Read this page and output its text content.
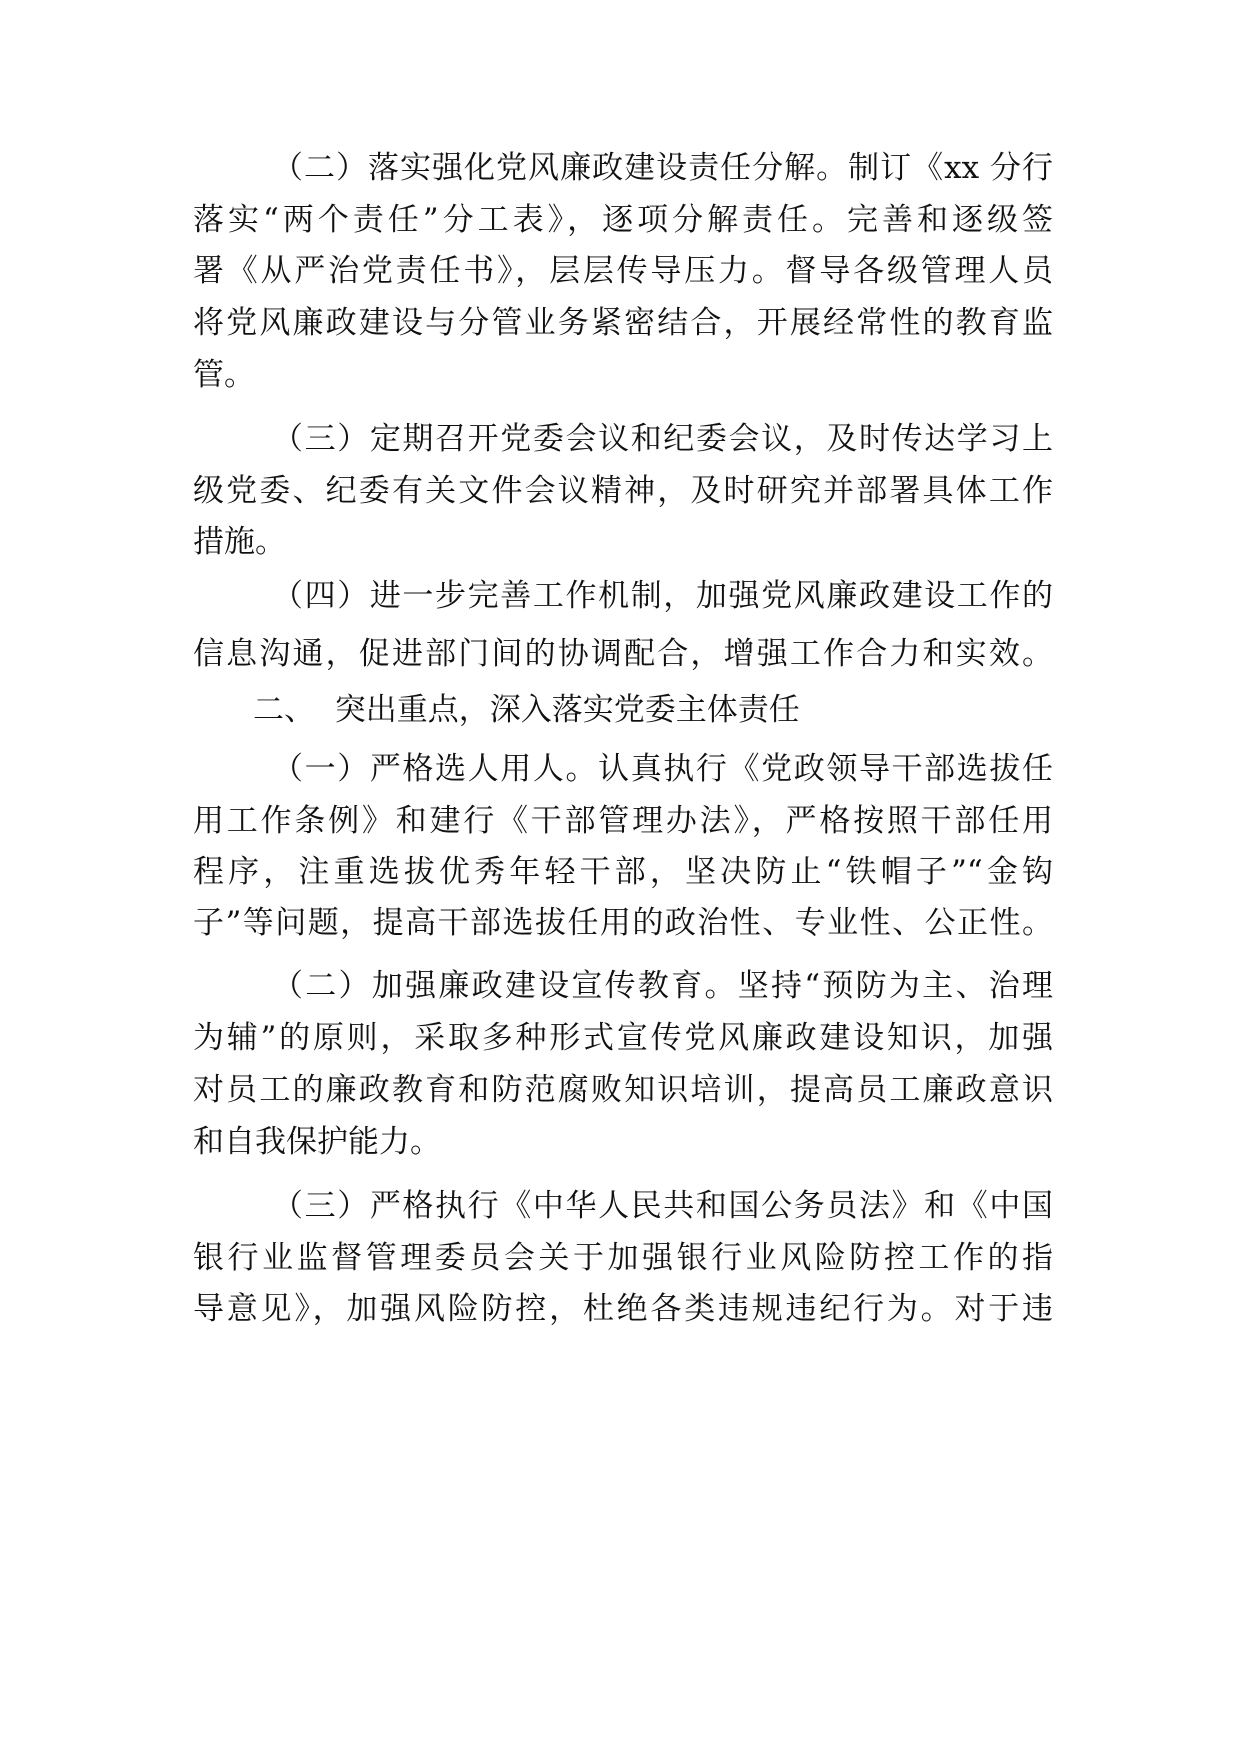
（二）落实强化党风廉政建设责任分解。制订《xx 分行
落实“两个责任”分工表》，逐项分解责任。完善和逐级签
署《从严治党责任书》，层层传导压力。督导各级管理人员
将党风廉政建设与分管业务紧密结合，开展经常性的教育监
管。
（三）定期召开党委会议和纪委会议，及时传达学习上
级党委、纪委有关文件会议精神，及时研究并部署具体工作
措施。
（四）进一步完善工作机制，加强党风廉政建设工作的
信息沟通，促进部门间的协调配合，增强工作合力和实效。
二、  突出重点，深入落实党委主体责任
（一）严格选人用人。认真执行《党政领导干部选拔任
用工作条例》和建行《干部管理办法》，严格按照干部任用
程序，注重选拔优秀年轻干部，坚决防止“铁帽子”“金钩
子”等问题，提高干部选拔任用的政治性、专业性、公正性。
（二）加强廉政建设宣传教育。坚持“预防为主、治理
为辅”的原则，采取多种形式宣传党风廉政建设知识，加强
对员工的廉政教育和防范腐败知识培训，提高员工廉政意识
和自我保护能力。
（三）严格执行《中华人民共和国公务员法》和《中国
银行业监督管理委员会关于加强银行业风险防控工作的指
导意见》，加强风险防控，杜绝各类违规违纪行为。对于违
